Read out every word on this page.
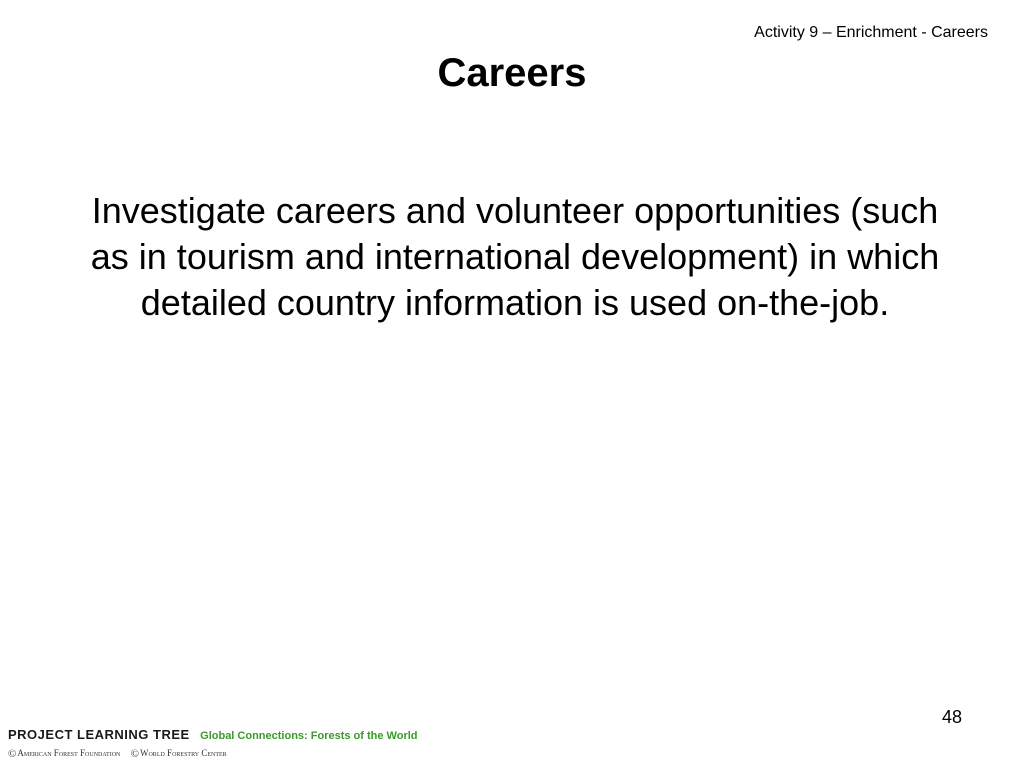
Activity 9 – Enrichment - Careers
Careers

Investigate careers and volunteer opportunities (such as in tourism and international development) in which detailed country information is used on-the-job.

48
PROJECT LEARNING TREE Global Connections: Forests of the World
©American Forest Foundation ©World Forestry Center
